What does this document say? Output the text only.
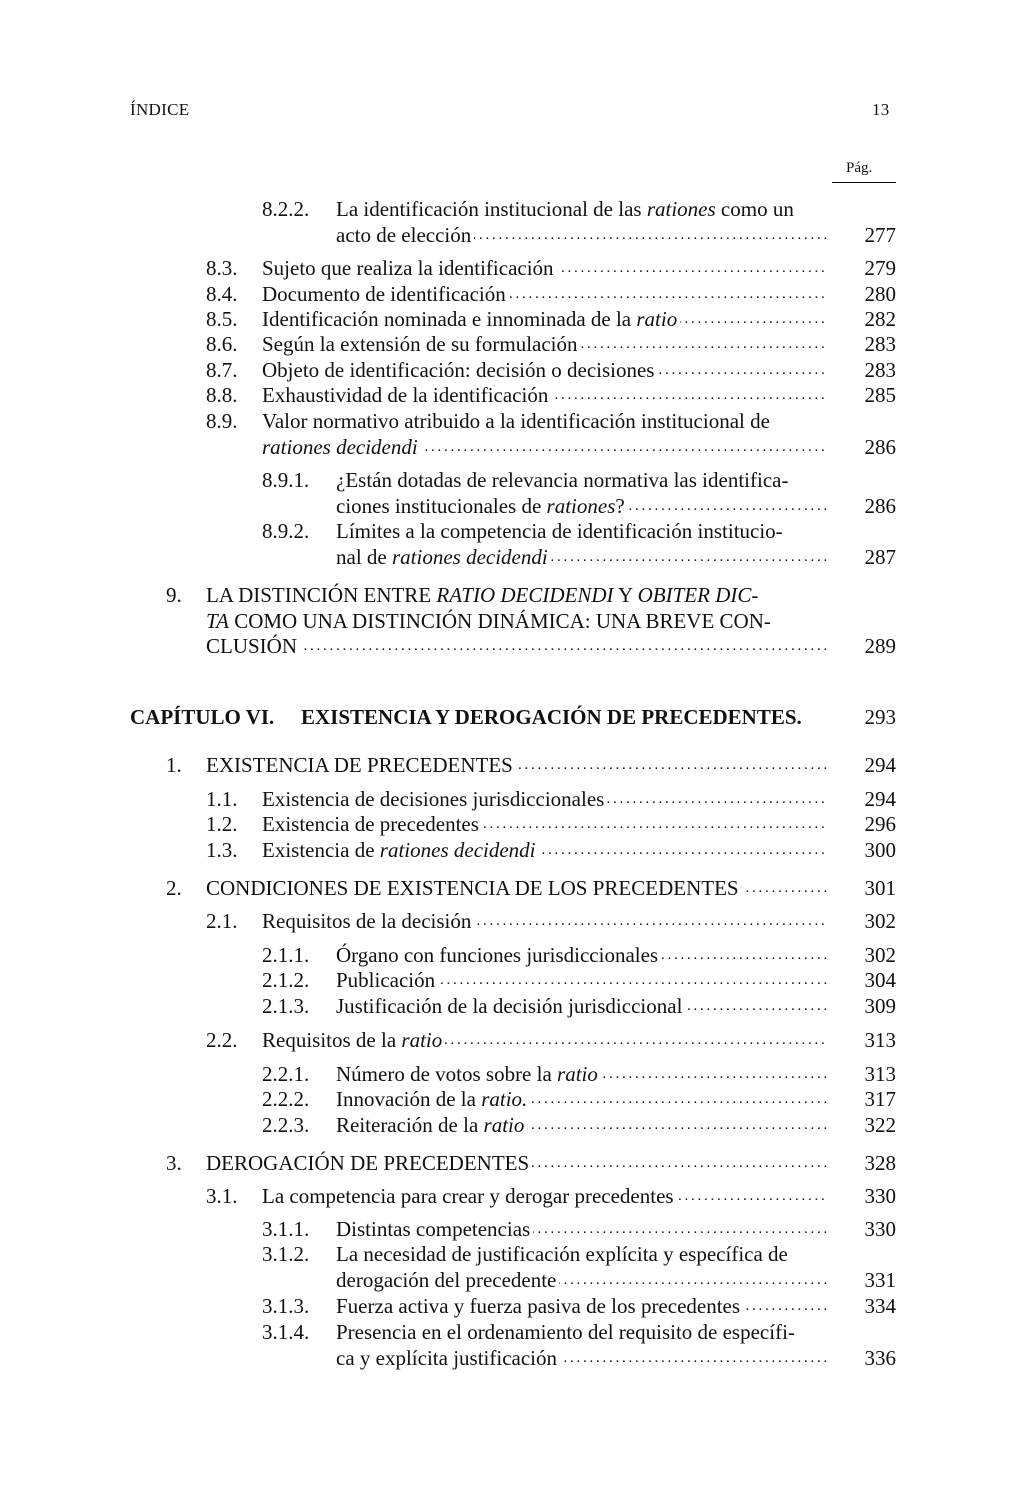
ÍNDICE	13
Pág.
8.2.2. La identificación institucional de las rationes como un
acto de elección . . .	277
8.3. Sujeto que realiza la identificación . . .	279
8.4. Documento de identificación . . .	280
8.5. Identificación nominada e innominada de la ratio . . .	282
8.6. Según la extensión de su formulación . . .	283
8.7. Objeto de identificación: decisión o decisiones . . .	283
8.8. Exhaustividad de la identificación . . .	285
8.9. Valor normativo atribuido a la identificación institucional de
rationes decidendi . . .	286
8.9.1. ¿Están dotadas de relevancia normativa las identifica-
ciones institucionales de rationes? . . .	286
8.9.2. Límites a la competencia de identificación institucio-
nal de rationes decidendi . . .	287
9. LA DISTINCIÓN ENTRE RATIO DECIDENDI Y OBITER DIC-
TA COMO UNA DISTINCIÓN DINÁMICA: UNA BREVE CON-
CLUSIÓN . . .	289
CAPÍTULO VI. EXISTENCIA Y DEROGACIÓN DE PRECEDENTES.	293
1. EXISTENCIA DE PRECEDENTES . . .	294
1.1. Existencia de decisiones jurisdiccionales . . .	294
1.2. Existencia de precedentes . . .	296
1.3. Existencia de rationes decidendi . . .	300
2. CONDICIONES DE EXISTENCIA DE LOS PRECEDENTES . . .	301
2.1. Requisitos de la decisión . . .	302
2.1.1. Órgano con funciones jurisdiccionales . . .	302
2.1.2. Publicación . . .	304
2.1.3. Justificación de la decisión jurisdiccional . . .	309
2.2. Requisitos de la ratio . . .	313
2.2.1. Número de votos sobre la ratio . . .	313
2.2.2. Innovación de la ratio. . . .	317
2.2.3. Reiteración de la ratio . . .	322
3. DEROGACIÓN DE PRECEDENTES . . .	328
3.1. La competencia para crear y derogar precedentes . . .	330
3.1.1. Distintas competencias . . .	330
3.1.2. La necesidad de justificación explícita y específica de
derogación del precedente . . .	331
3.1.3. Fuerza activa y fuerza pasiva de los precedentes . . .	334
3.1.4. Presencia en el ordenamiento del requisito de específi-
ca y explícita justificación . . .	336
